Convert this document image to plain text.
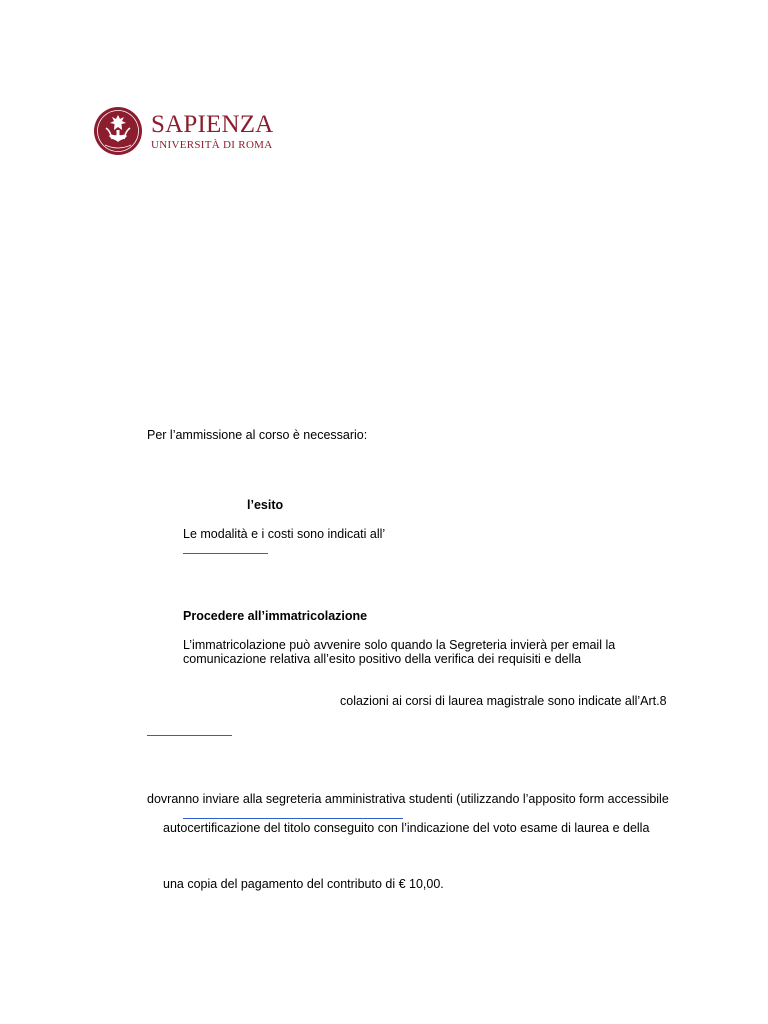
SAPIENZA
UNIVERSITÀ DI ROMA
Per l’ammissione al corso è necessario:
l’esito
Le modalità e i costi sono indicati all’
Procedere all’immatricolazione
L’immatricolazione può avvenire solo quando la Segreteria invierà per email la
comunicazione relativa all’esito positivo della verifica dei requisiti e della
colazioni ai corsi di laurea magistrale sono indicate all’Art.8
dovranno inviare alla segreteria amministrativa studenti (utilizzando l’apposito form accessibile
autocertificazione del titolo conseguito con l’indicazione del voto esame di laurea e della
una copia del pagamento del contributo di € 10,00.
